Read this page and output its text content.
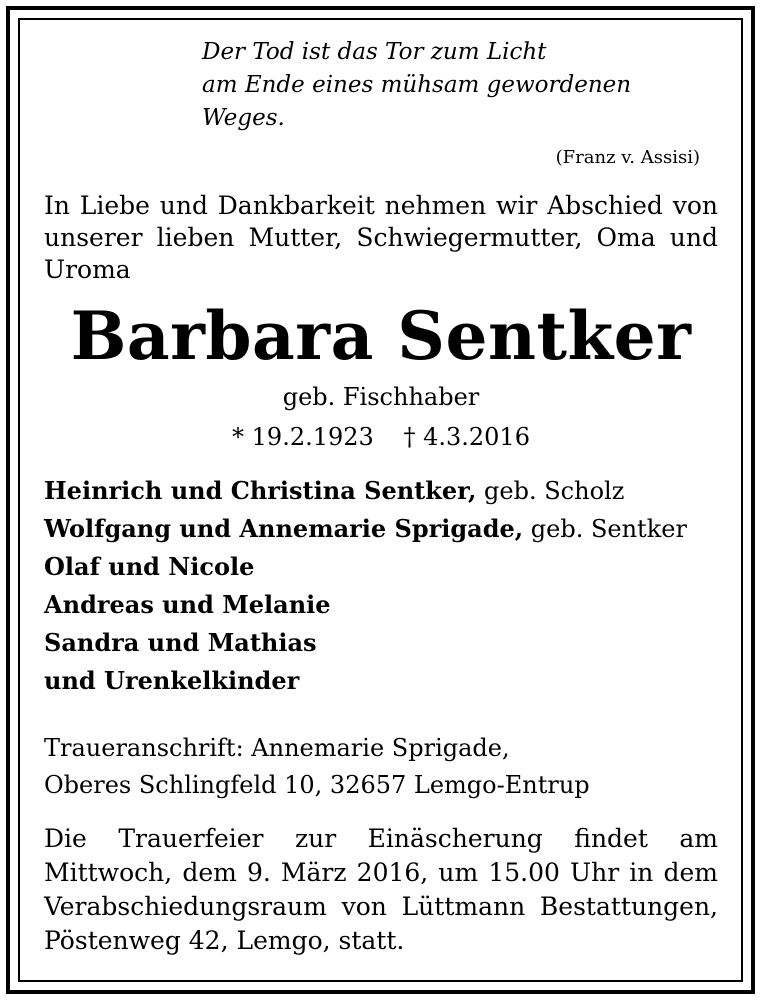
Der Tod ist das Tor zum Licht
am Ende eines mühsam gewordenen Weges.
(Franz v. Assisi)
In Liebe und Dankbarkeit nehmen wir Abschied von unserer lieben Mutter, Schwiegermutter, Oma und Uroma
Barbara Sentker
geb. Fischhaber
* 19.2.1923 † 4.3.2016
Heinrich und Christina Sentker, geb. Scholz
Wolfgang und Annemarie Sprigade, geb. Sentker
Olaf und Nicole
Andreas und Melanie
Sandra und Mathias
und Urenkelkinder
Traueranschrift: Annemarie Sprigade,
Oberes Schlingfeld 10, 32657 Lemgo-Entrup
Die Trauerfeier zur Einäscherung findet am Mittwoch, dem 9. März 2016, um 15.00 Uhr in dem Verabschiedungsraum von Lüttmann Bestattungen, Pöstenweg 42, Lemgo, statt.
